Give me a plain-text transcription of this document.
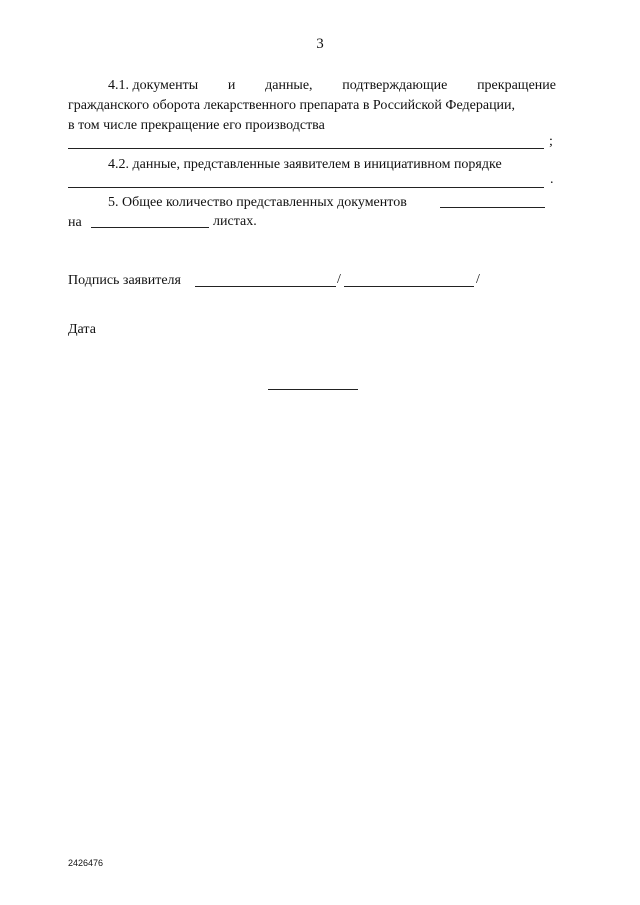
3
4.1. документы и данные, подтверждающие прекращение
гражданского оборота лекарственного препарата в Российской Федерации,
в том числе прекращение его производства
;
4.2. данные, представленные заявителем в инициативном порядке
.
5. Общее количество представленных документов
на	листах.
Подпись заявителя	/	/
Дата
2426476
